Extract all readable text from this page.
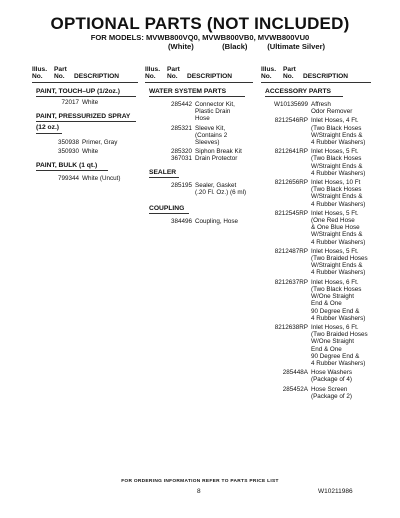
OPTIONAL PARTS (NOT INCLUDED)
FOR MODELS: MVWB800VQ0, MVWB800VB0, MVWB800VU0
(White)	(Black)	(Ultimate Silver)
Illus.	Part
No.	No.	DESCRIPTION
PAINT, TOUCH–UP (1/2oz.)
72017 White
PAINT, PRESSURIZED SPRAY
(12 oz.)
350938 Primer, Gray
350930 White
PAINT, BULK (1 qt.)
799344 White (Uncut)
Illus.	Part
No.	No.	DESCRIPTION
WATER SYSTEM PARTS
285442 Connector Kit,
Plastic Drain
Hose
285321 Sleeve Kit,
(Contains 2
Sleeves)
285320 Siphon Break Kit
367031 Drain Protector
SEALER
285195 Sealer, Gasket
(.20 Fl. Oz.) (6 ml)
COUPLING
384496 Coupling, Hose
Illus.	Part
No.	No.	DESCRIPTION
ACCESSORY PARTS
W10135699 Affresh
Odor Remover
8212546RP Inlet Hoses, 4 Ft.
(Two Black Hoses
W/Straight Ends &
4 Rubber Washers)
8212641RP Inlet Hoses, 5 Ft.
(Two Black Hoses
W/Straight Ends &
4 Rubber Washers)
8212656RP Inlet Hoses, 10 Ft
(Two Black Hoses
W/Straight Ends &
4 Rubber Washers)
8212545RP Inlet Hoses, 5 Ft.
(One Red Hose
& One Blue Hose
W/Straight Ends &
4 Rubber Washers)
8212487RP Inlet Hoses, 5 Ft.
(Two Braided Hoses
W/Straight Ends &
4 Rubber Washers)
8212637RP Inlet Hoses, 6 Ft.
(Two Black Hoses
W/One Straight
End & One
90 Degree End &
4 Rubber Washers)
8212638RP Inlet Hoses, 6 Ft.
(Two Braided Hoses
W/One Straight
End & One
90 Degree End &
4 Rubber Washers)
285448A Hose Washers
(Package of 4)
285452A Hose Screen
(Package of 2)
FOR ORDERING INFORMATION REFER TO PARTS PRICE LIST
8	W10211986
